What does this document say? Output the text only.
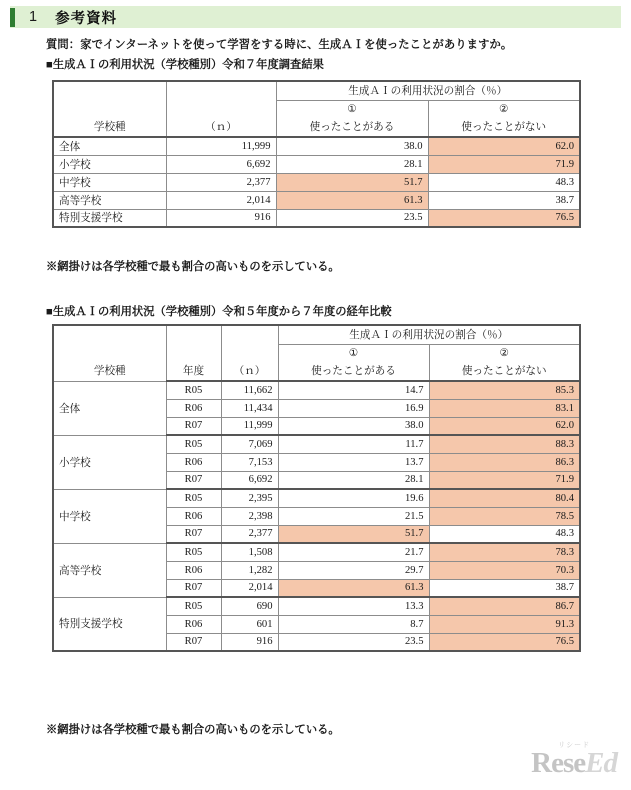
1 参考資料
質問：家でインターネットを使って学習をする時に、生成ＡＩを使ったことがありますか。
■生成ＡＩの利用状況（学校種別）令和７年度調査結果
		生成ＡＩの利用状況の割合（％）	
		①	②
学校種	（ｎ）	使ったことがある	使ったことがない
全体	11,999	38.0	62.0
小学校	6,692	28.1	71.9
中学校	2,377	51.7	48.3
高等学校	2,014	61.3	38.7
特別支援学校	916	23.5	76.5
※網掛けは各学校種で最も割合の高いものを示している。
■生成ＡＩの利用状況（学校種別）令和５年度から７年度の経年比較
			生成ＡＩの利用状況の割合（％）	
			①	②
学校種	年度	（ｎ）	使ったことがある	使ったことがない
全体	R05	11,662	14.7	85.3
	R06	11,434	16.9	83.1
	R07	11,999	38.0	62.0
小学校	R05	7,069	11.7	88.3
	R06	7,153	13.7	86.3
	R07	6,692	28.1	71.9
中学校	R05	2,395	19.6	80.4
	R06	2,398	21.5	78.5
	R07	2,377	51.7	48.3
高等学校	R05	1,508	21.7	78.3
	R06	1,282	29.7	70.3
	R07	2,014	61.3	38.7
特別支援学校	R05	690	13.3	86.7
	R06	601	8.7	91.3
	R07	916	23.5	76.5
※網掛けは各学校種で最も割合の高いものを示している。
リシード
ReseEd
